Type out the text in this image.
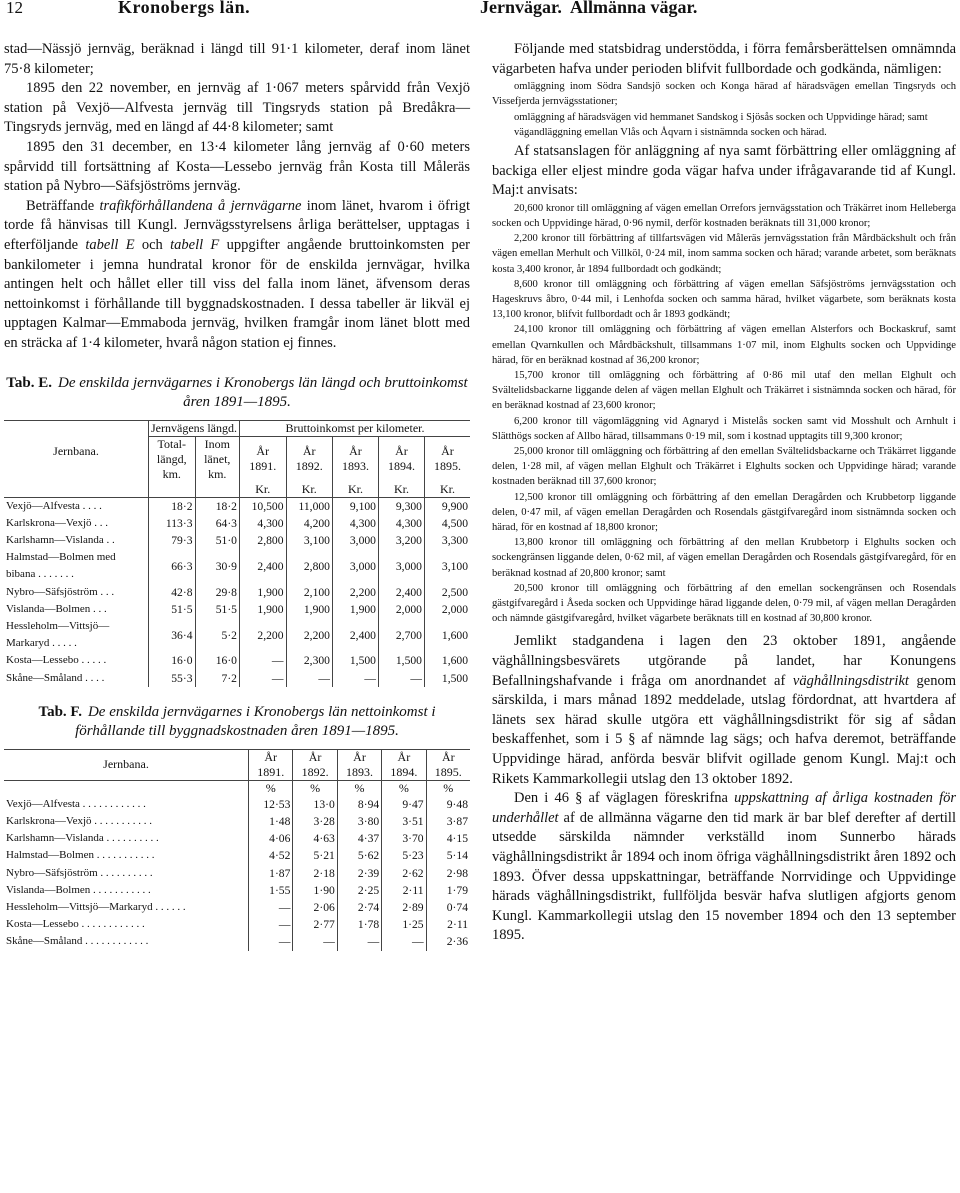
12	Kronobergs län.	Jernvägar. Allmänna vägar.

stad—Nässjö jernväg, beräknad i längd till 91·1 kilometer, deraf inom länet 75·8 kilometer;

1895 den 22 november, en jernväg af 1·067 meters spårvidd från Vexjö station på Vexjö—Alfvesta jernväg till Tingsryds station på Bredåkra—Tingsryds jernväg, med en längd af 44·8 kilometer; samt

1895 den 31 december, en 13·4 kilometer lång jernväg af 0·60 meters spårvidd till fortsättning af Kosta—Lessebo jernväg från Kosta till Måleräs station på Nybro—Säfsjöströms jernväg.

Beträffande trafikförhållandena å jernvägarne inom länet, hvarom i öfrigt torde få hänvisas till Kungl. Jernvägsstyrelsens årliga berättelser, upptagas i efterföljande tabell E och tabell F uppgifter angående bruttoinkomsten per bankilometer i jemna hundratal kronor för de enskilda jernvägar, hvilka antingen helt och hållet eller till viss del falla inom länet, äfvensom deras nettoinkomst i förhållande till byggnadskostnaden. I dessa tabeller är likväl ej upptagen Kalmar—Emmaboda jernväg, hvilken framgår inom länet blott med en sträcka af 1·4 kilometer, hvarå någon station ej finnes.

Tab. E. De enskilda jernvägarnes i Kronobergs län längd och bruttoinkomst åren 1891—1895.
Jernbana.	Jernvägens längd.		Bruttoinkomst per kilometer.				
	Total-längd, km.	Inom länet, km.	År 1891.	År 1892.	År 1893.	År 1894.	År 1895.
			Kr.	Kr.	Kr.	Kr.	Kr.
Vexjö—Alfvesta . . . .	18·2	18·2	10,500	11,000	9,100	9,300	9,900
Karlskrona—Vexjö . . .	113·3	64·3	4,300	4,200	4,300	4,300	4,500
Karlshamn—Vislanda . .	79·3	51·0	2,800	3,100	3,000	3,200	3,300
Halmstad—Bolmen med bibana . . . . . . .	66·3	30·9	2,400	2,800	3,000	3,000	3,100
Nybro—Säfsjöström . . .	42·8	29·8	1,900	2,100	2,200	2,400	2,500
Vislanda—Bolmen . . .	51·5	51·5	1,900	1,900	1,900	2,000	2,000
Hessleholm—Vittsjö—Markaryd . . . . .	36·4	5·2	2,200	2,200	2,400	2,700	1,600
Kosta—Lessebo . . . . .	16·0	16·0	—	2,300	1,500	1,500	1,600
Skåne—Småland . . . .	55·3	7·2	—	—	—	—	1,500
Tab. F. De enskilda jernvägarnes i Kronobergs län nettoinkomst i förhållande till byggnadskostnaden åren 1891—1895.
Jernbana.	År 1891.	År 1892.	År 1893.	År 1894.	År 1895.
	%	%	%	%	%
Vexjö—Alfvesta . . . . . . . . . . . .	12·53	13·0	8·94	9·47	9·48
Karlskrona—Vexjö . . . . . . . . . . .	1·48	3·28	3·80	3·51	3·87
Karlshamn—Vislanda . . . . . . . . . .	4·06	4·63	4·37	3·70	4·15
Halmstad—Bolmen . . . . . . . . . . .	4·52	5·21	5·62	5·23	5·14
Nybro—Säfsjöström . . . . . . . . . .	1·87	2·18	2·39	2·62	2·98
Vislanda—Bolmen . . . . . . . . . . .	1·55	1·90	2·25	2·11	1·79
Hessleholm—Vittsjö—Markaryd . . . . . .	—	2·06	2·74	2·89	0·74
Kosta—Lessebo . . . . . . . . . . . .	—	2·77	1·78	1·25	2·11
Skåne—Småland . . . . . . . . . . . .	—	—	—	—	2·36

Följande med statsbidrag understödda, i förra femårsberättelsen omnämnda vägarbeten hafva under perioden blifvit fullbordade och godkända, nämligen:

omläggning inom Södra Sandsjö socken och Konga härad af häradsvägen emellan Tingsryds och Vissefjerda jernvägsstationer;

omläggning af häradsvägen vid hemmanet Sandskog i Sjösås socken och Uppvidinge härad; samt

vägandläggning emellan Vlås och Åqvarn i sistnämnda socken och härad.

Af statsanslagen för anläggning af nya samt förbättring eller omläggning af backiga eller eljest mindre goda vägar hafva under ifrågavarande tid af Kungl. Maj:t anvisats:

20,600 kronor till omläggning af vägen emellan Orrefors jernvägsstation och Träkärret inom Helleberga socken och Uppvidinge härad, 0·96 nymil, derför kostnaden beräknats till 31,000 kronor;

2,200 kronor till förbättring af tillfartsvägen vid Måleräs jernvägsstation från Mårdbäckshult och från vägen emellan Merhult och Villköl, 0·24 mil, inom samma socken och härad; varande arbetet, som beräknats kosta 3,400 kronor, år 1894 fullbordadt och godkändt;

8,600 kronor till omläggning och förbättring af vägen emellan Säfsjöströms jernvägsstation och Hageskruvs åbro, 0·44 mil, i Lenhofda socken och samma härad, hvilket vägarbete, som beräknats kosta 13,100 kronor, blifvit fullbordadt och år 1893 godkändt;

24,100 kronor till omläggning och förbättring af vägen emellan Alsterfors och Bockaskruf, samt emellan Qvarnkullen och Mårdbäckshult, tillsammans 1·07 mil, inom Elghults socken och Uppvidinge härad, för en beräknad kostnad af 36,200 kronor;

15,700 kronor till omläggning och förbättring af 0·86 mil utaf den mellan Elghult och Svältelidsbackarne liggande delen af vägen mellan Elghult och Träkärret i sistnämnda socken och härad, för en beräknad kostnad af 23,600 kronor;

6,200 kronor till vägomläggning vid Agnaryd i Mistelås socken samt vid Mosshult och Arnhult i Slätthögs socken af Allbo härad, tillsammans 0·19 mil, som i kostnad upptagits till 9,300 kronor;

25,000 kronor till omläggning och förbättring af den emellan Svältelidsbackarne och Träkärret liggande delen, 1·28 mil, af vägen mellan Elghult och Träkärret i Elghults socken och Uppvidinge härad; varande kostnaden beräknad till 37,600 kronor;

12,500 kronor till omläggning och förbättring af den emellan Deragården och Krubbetorp liggande delen, 0·47 mil, af vägen emellan Deragården och Rosendals gästgifvaregård inom sistnämnda socken och härad, för en kostnad af 18,800 kronor;

13,800 kronor till omläggning och förbättring af den mellan Krubbetorp i Elghults socken och sockengränsen liggande delen, 0·62 mil, af vägen emellan Deragården och Rosendals gästgifvaregård, för en beräknad kostnad af 20,800 kronor; samt

20,500 kronor till omläggning och förbättring af den emellan sockengränsen och Rosendals gästgifvaregård i Åseda socken och Uppvidinge härad liggande delen, 0·79 mil, af vägen mellan Deragården och nämnde gästgifvaregård, hvilket vägarbete beräknats till en kostnad af 30,800 kronor.

Jemlikt stadgandena i lagen den 23 oktober 1891, angående väghållningsbesvärets utgörande på landet, har Konungens Befallningshafvande i fråga om anordnandet af väghållningsdistrikt genom särskilda, i mars månad 1892 meddelade, utslag fördordnat, att hvartdera af länets sex härad skulle utgöra ett väghållningsdistrikt för sig af sådan beskaffenhet, som i 5 § af nämnde lag sägs; och hafva deremot, beträffande Uppvidinge härad, anförda besvär blifvit ogillade genom Kungl. Maj:t och Rikets Kammarkollegii utslag den 13 oktober 1892.

Den i 46 § af väglagen föreskrifna uppskattning af årliga kostnaden för underhållet af de allmänna vägarne den tid mark är bar blef derefter af dertill utsedde särskilda nämnder verkställd inom Sunnerbo härads väghållningsdistrikt år 1894 och inom öfriga väghållningsdistrikt åren 1892 och 1893. Öfver dessa uppskattningar, beträffande Norrvidinge och Uppvidinge härads väghållningsdistrikt, fullföljda besvär hafva slutligen afgjorts genom Kungl. Kammarkollegii utslag den 15 november 1894 och den 13 september 1895.
